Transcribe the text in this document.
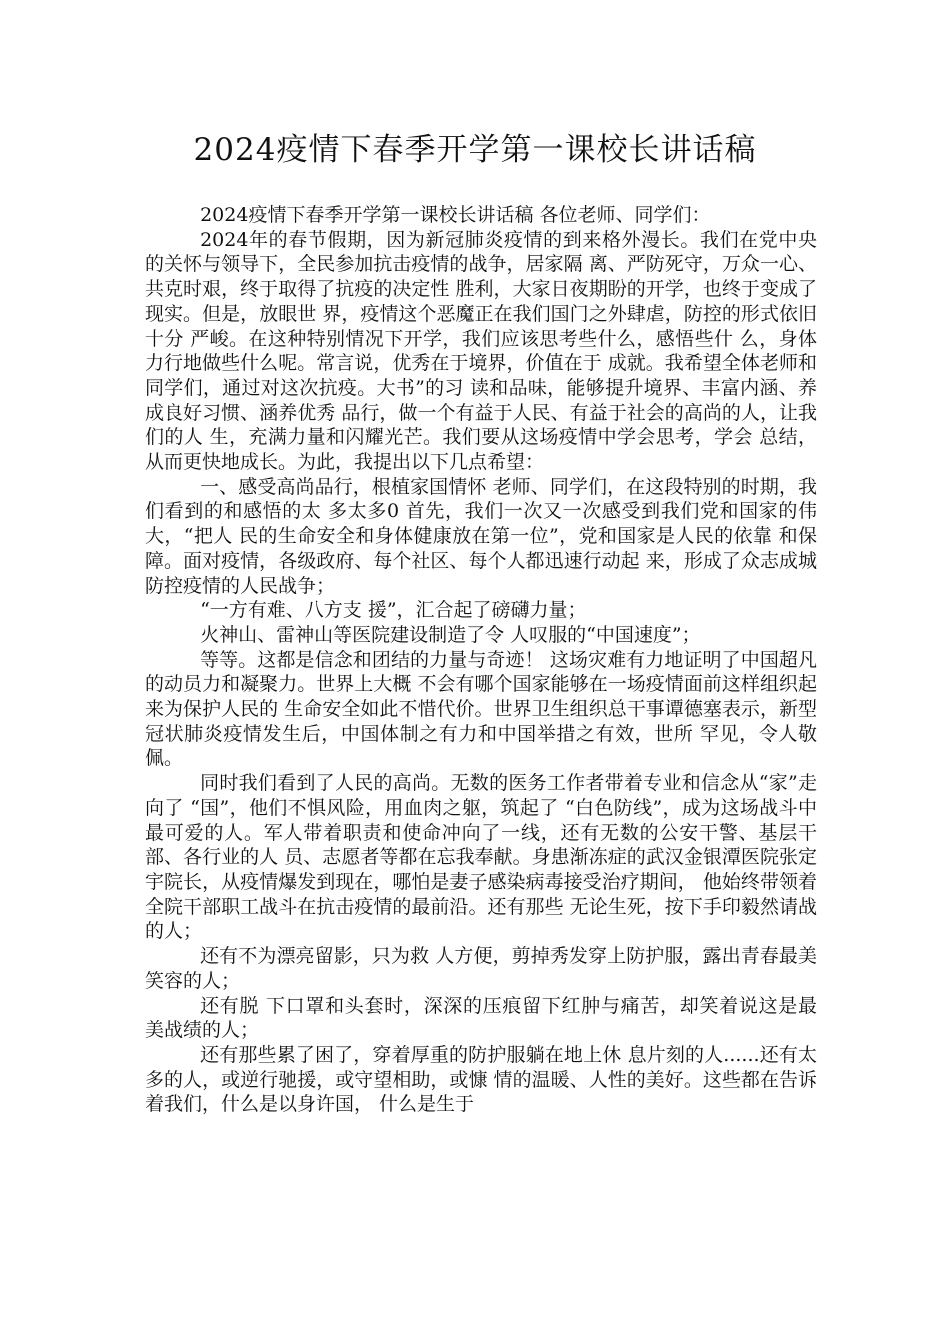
2024疫情下春季开学第一课校长讲话稿

2024疫情下春季开学第一课校长讲话稿 各位老师、同学们：

2024年的春节假期，因为新冠肺炎疫情的到来格外漫长。我们在党中央的关怀与领导下，全民参加抗击疫情的战争，居家隔 离、严防死守，万众一心、共克时艰，终于取得了抗疫的决定性 胜利，大家日夜期盼的开学，也终于变成了现实。但是，放眼世 界，疫情这个恶魔正在我们国门之外肆虐，防控的形式依旧十分 严峻。在这种特别情况下开学，我们应该思考些什么，感悟些什 么，身体力行地做些什么呢。常言说，优秀在于境界，价值在于 成就。我希望全体老师和同学们，通过对这次抗疫。大书”的习 读和品味，能够提升境界、丰富内涵、养成良好习惯、涵养优秀 品行，做一个有益于人民、有益于社会的高尚的人，让我们的人 生，充满力量和闪耀光芒。我们要从这场疫情中学会思考，学会 总结，从而更快地成长。为此，我提出以下几点希望：

一、感受高尚品行，根植家国情怀 老师、同学们，在这段特别的时期，我们看到的和感悟的太 多太多0 首先，我们一次又一次感受到我们党和国家的伟大，“把人 民的生命安全和身体健康放在第一位”，党和国家是人民的依靠 和保障。面对疫情，各级政府、每个社区、每个人都迅速行动起 来，形成了众志成城防控疫情的人民战争；

“一方有难、八方支 援”，汇合起了磅礴力量；

火神山、雷神山等医院建设制造了令 人叹服的“中国速度”；

等等。这都是信念和团结的力量与奇迹！ 这场灾难有力地证明了中国超凡的动员力和凝聚力。世界上大概 不会有哪个国家能够在一场疫情面前这样组织起来为保护人民的 生命安全如此不惜代价。世界卫生组织总干事谭德塞表示，新型 冠状肺炎疫情发生后，中国体制之有力和中国举措之有效，世所 罕见，令人敬佩。

同时我们看到了人民的高尚。无数的医务工作者带着专业和信念从“家”走向了 “国”，他们不惧风险，用血肉之躯，筑起了 “白色防线”，成为这场战斗中最可爱的人。军人带着职责和使命冲向了一线，还有无数的公安干警、基层干部、各行业的人 员、志愿者等都在忘我奉献。身患渐冻症的武汉金银潭医院张定 宇院长，从疫情爆发到现在，哪怕是妻子感染病毒接受治疗期间， 他始终带领着全院干部职工战斗在抗击疫情的最前沿。还有那些 无论生死，按下手印毅然请战的人；

还有不为漂亮留影，只为救 人方便，剪掉秀发穿上防护服，露出青春最美笑容的人；

还有脱 下口罩和头套时，深深的压痕留下红肿与痛苦，却笑着说这是最 美战绩的人；

还有那些累了困了，穿着厚重的防护服躺在地上休 息片刻的人......还有太多的人，或逆行驰援，或守望相助，或慷 情的温暖、人性的美好。这些都在告诉着我们，什么是以身许国， 什么是生于
